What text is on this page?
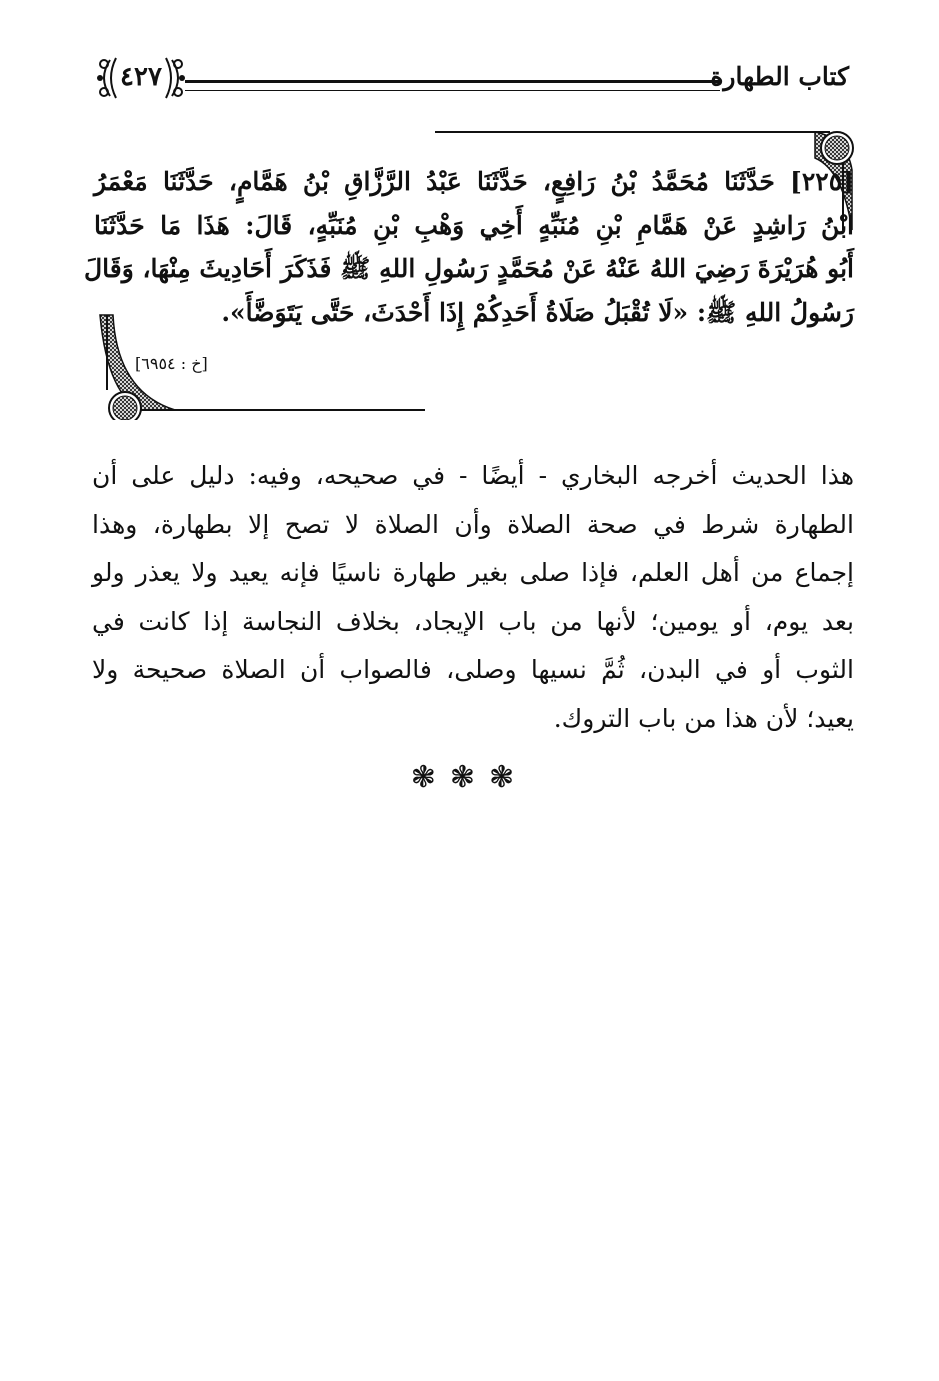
كتاب الطهارة
٤٢٧
[٢٢٥] حَدَّثَنَا مُحَمَّدُ بْنُ رَافِعٍ، حَدَّثَنَا عَبْدُ الرَّزَّاقِ بْنُ هَمَّامٍ، حَدَّثَنَا مَعْمَرُ
ابْنُ رَاشِدٍ عَنْ هَمَّامِ بْنِ مُنَبِّهٍ أَخِي وَهْبِ بْنِ مُنَبِّهٍ، قَالَ: هَذَا مَا حَدَّثَنَا
أَبُو هُرَيْرَةَ رَضِيَ اللهُ عَنْهُ عَنْ مُحَمَّدٍ رَسُولِ اللهِ ﷺ فَذَكَرَ أَحَادِيثَ مِنْهَا، وَقَالَ
رَسُولُ اللهِ ﷺ: «لَا تُقْبَلُ صَلَاةُ أَحَدِكُمْ إِذَا أَحْدَثَ، حَتَّى يَتَوَضَّأَ».
[خ : ٦٩٥٤]
هذا الحديث أخرجه البخاري - أيضًا - في صحيحه، وفيه: دليل على أن
الطهارة شرط في صحة الصلاة وأن الصلاة لا تصح إلا بطهارة، وهذا
إجماع من أهل العلم، فإذا صلى بغير طهارة ناسيًا فإنه يعيد ولا يعذر ولو
بعد يوم، أو يومين؛ لأنها من باب الإيجاد، بخلاف النجاسة إذا كانت في
الثوب أو في البدن، ثُمَّ نسيها وصلى، فالصواب أن الصلاة صحيحة ولا
يعيد؛ لأن هذا من باب التروك.
❃❃❃
